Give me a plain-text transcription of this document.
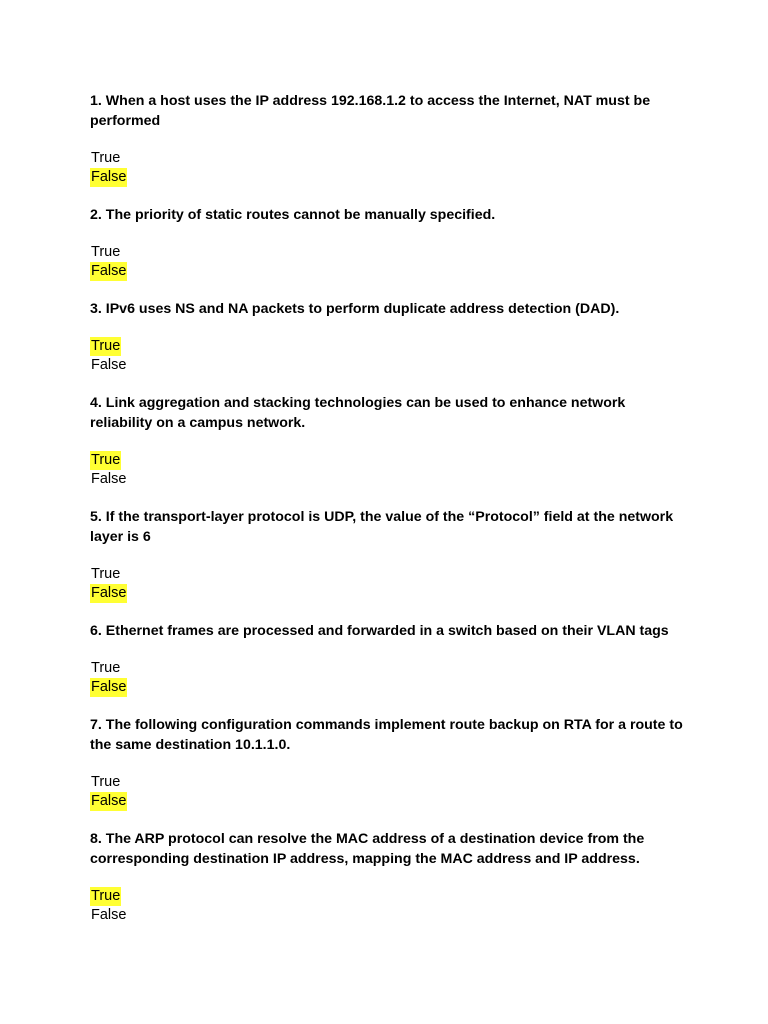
1. When a host uses the IP address 192.168.1.2 to access the Internet, NAT must be performed

True
False

2. The priority of static routes cannot be manually specified.

True
False

3. IPv6 uses NS and NA packets to perform duplicate address detection (DAD).

True
False

4. Link aggregation and stacking technologies can be used to enhance network reliability on a campus network.

True
False

5. If the transport-layer protocol is UDP, the value of the “Protocol” field at the network layer is 6

True
False

6. Ethernet frames are processed and forwarded in a switch based on their VLAN tags

True
False

7. The following configuration commands implement route backup on RTA for a route to the same destination 10.1.1.0.

True
False

8. The ARP protocol can resolve the MAC address of a destination device from the corresponding destination IP address, mapping the MAC address and IP address.

True
False
